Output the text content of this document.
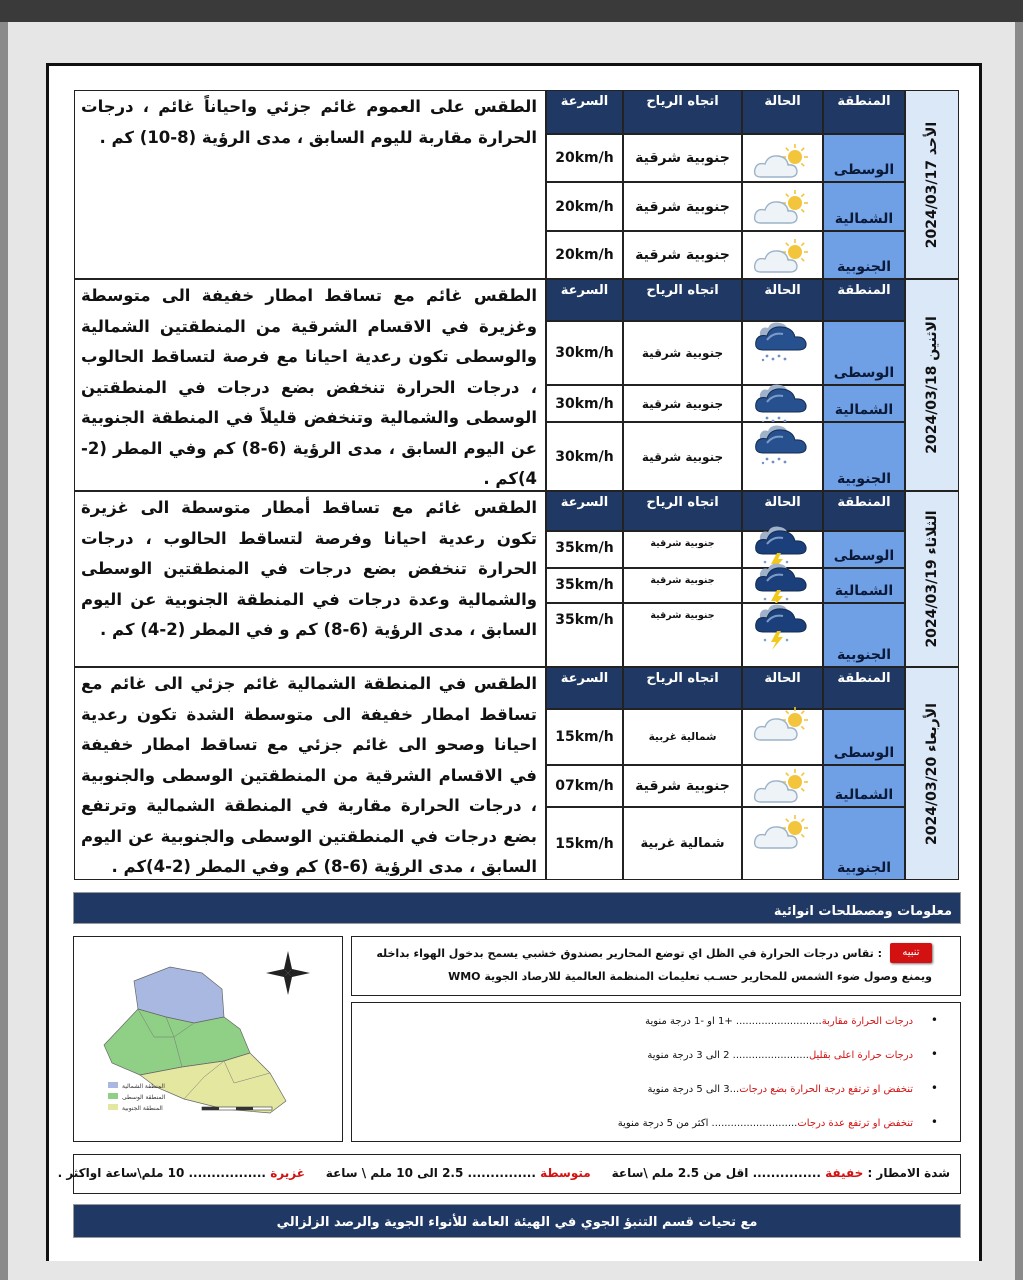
2024/03/17 الأحد
الطقس على العموم غائم جزئي واحياناً غائم ، درجات الحرارة مقاربة لليوم السابق ، مدى الرؤية (8-10) كم .
المنطقة
الحالة
اتجاه الرياح
السرعة
الوسطى
جنوبية شرقية
20km/h
الشمالية
جنوبية شرقية
20km/h
الجنوبية
جنوبية شرقية
20km/h
2024/03/18 الاثنين
الطقس غائم مع تساقط امطار خفيفة الى متوسطة وغزيرة في الاقسام الشرقية من المنطقتين الشمالية والوسطى تكون رعدية احيانا مع فرصة لتساقط الحالوب ، درجات الحرارة تنخفض بضع درجات في المنطقتين الوسطى والشمالية وتنخفض قليلاً في المنطقة الجنوبية عن اليوم السابق ، مدى الرؤية (6-8) كم وفي المطر (2-4)كم .
المنطقة
الحالة
اتجاه الرياح
السرعة
الوسطى
جنوبية شرقية
30km/h
الشمالية
جنوبية شرقية
30km/h
الجنوبية
جنوبية شرقية
30km/h
2024/03/19 الثلاثاء
الطقس غائم مع تساقط أمطار متوسطة الى غزيرة تكون رعدية احيانا وفرصة لتساقط الحالوب ، درجات الحرارة تنخفض بضع درجات في المنطقتين الوسطى والشمالية وعدة درجات في المنطقة الجنوبية عن اليوم السابق ، مدى الرؤية (6-8) كم و في المطر (2-4) كم .
المنطقة
الحالة
اتجاه الرياح
السرعة
الوسطى
جنوبية شرقية
35km/h
الشمالية
جنوبية شرقية
35km/h
الجنوبية
جنوبية شرقية
35km/h
2024/03/20 الأربعاء
الطقس في المنطقة الشمالية غائم جزئي الى غائم مع تساقط امطار خفيفة الى متوسطة الشدة تكون رعدية احيانا وصحو الى غائم جزئي مع تساقط امطار خفيفة في الاقسام الشرقية من المنطقتين الوسطى والجنوبية ، درجات الحرارة مقاربة في المنطقة الشمالية وترتفع بضع درجات في المنطقتين الوسطى والجنوبية عن اليوم السابق ، مدى الرؤية (6-8) كم وفي المطر (2-4)كم .
المنطقة
الحالة
اتجاه الرياح
السرعة
الوسطى
شمالية غربية
15km/h
الشمالية
جنوبية شرقية
07km/h
الجنوبية
شمالية غربية
15km/h
معلومات ومصطلحات انوائية
المنطقة الشمالية
المنطقة الوسطى
المنطقة الجنوبية
تنبيه
: تقاس درجات الحرارة في الظل اي توضع المحارير بصندوق خشبي يسمح بدخول الهواء بداخله
ويمنع وصول ضوء الشمس للمحارير حسـب تعليمات المنظمة العالمية للارصاد الجوية WMO
• درجات الحرارة مقاربة........................... +1 او -1 درجة منوية
• درجات حرارة اعلى بقليل........................ 2 الى 3 درجة منوية
• تنخفض او ترتفع درجة الحرارة بضع درجات...3 الى 5 درجة منوية
• تنخفض او ترتفع عدة درجات........................... اكثر من 5 درجة منوية
شدة الامطار : خفيفة ............... اقل من 2.5 ملم \ساعة     متوسطة ............... 2.5 الى 10 ملم \ ساعة     غزيرة ................. 10 ملم\ساعة اواكثر .
مع تحيات قسم التنبؤ الجوي في الهيئة العامة للأنواء الجوية والرصد الزلزالي
